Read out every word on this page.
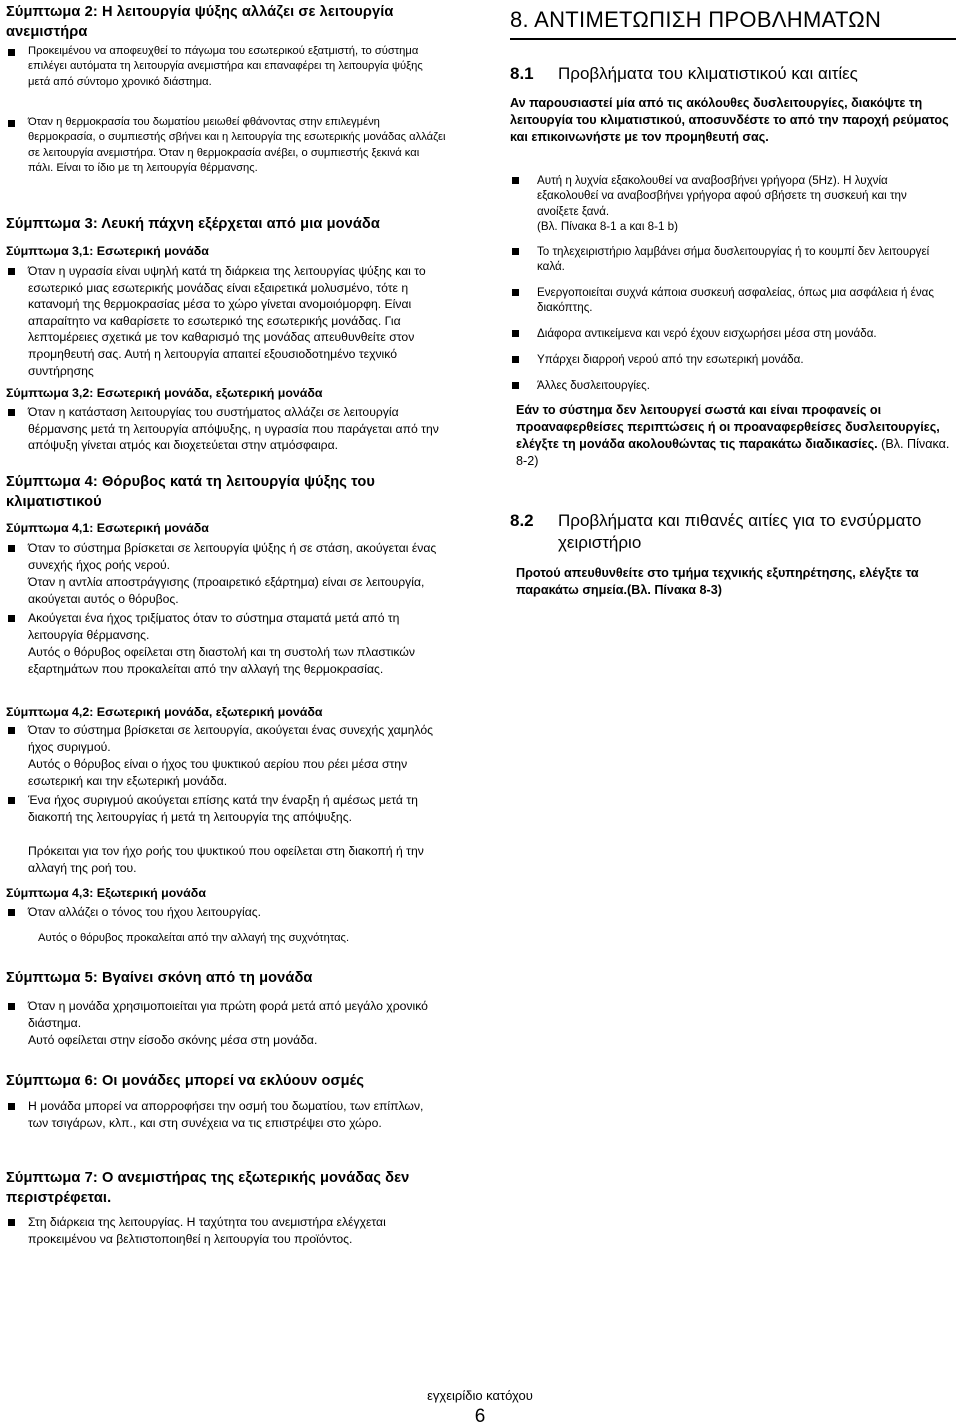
Σύμπτωμα 2: Η λειτουργία ψύξης αλλάζει σε λειτουργία ανεμιστήρα
Προκειμένου να αποφευχθεί το πάγωμα του εσωτερικού εξατμιστή, το σύστημα επιλέγει αυτόματα τη λειτουργία ανεμιστήρα και επαναφέρει τη λειτουργία ψύξης μετά από σύντομο χρονικό διάστημα.
Όταν η θερμοκρασία του δωματίου μειωθεί φθάνοντας στην επιλεγμένη θερμοκρασία, ο συμπιεστής σβήνει και η λειτουργία της εσωτερικής μονάδας αλλάζει σε λειτουργία ανεμιστήρα. Όταν η θερμοκρασία ανέβει, ο συμπιεστής ξεκινά και πάλι. Είναι το ίδιο με τη λειτουργία θέρμανσης.
Σύμπτωμα 3: Λευκή πάχνη εξέρχεται από μια μονάδα
Σύμπτωμα 3,1: Εσωτερική μονάδα
Όταν η υγρασία είναι υψηλή κατά τη διάρκεια της λειτουργίας ψύξης και το εσωτερικό μιας εσωτερικής μονάδας είναι εξαιρετικά μολυσμένο, τότε η κατανομή της θερμοκρασίας μέσα το χώρο γίνεται ανομοιόμορφη. Είναι απαραίτητο να καθαρίσετε το εσωτερικό της εσωτερικής μονάδας. Για λεπτομέρειες σχετικά με τον καθαρισμό της μονάδας απευθυνθείτε στον προμηθευτή σας. Αυτή η λειτουργία απαιτεί εξουσιοδοτημένο τεχνικό συντήρησης
Σύμπτωμα 3,2: Εσωτερική μονάδα, εξωτερική μονάδα
Όταν η κατάσταση λειτουργίας του συστήματος αλλάζει σε λειτουργία θέρμανσης μετά τη λειτουργία απόψυξης, η υγρασία που παράγεται από την απόψυξη γίνεται ατμός και διοχετεύεται στην ατμόσφαιρα.
Σύμπτωμα 4: Θόρυβος κατά τη λειτουργία ψύξης του κλιματιστικού
Σύμπτωμα 4,1: Εσωτερική μονάδα
Όταν το σύστημα βρίσκεται σε λειτουργία ψύξης ή σε στάση, ακούγεται ένας συνεχής ήχος ροής νερού.
Όταν η αντλία αποστράγγισης (προαιρετικό εξάρτημα) είναι σε λειτουργία, ακούγεται αυτός ο θόρυβος.
Ακούγεται ένα ήχος τριξίματος όταν το σύστημα σταματά μετά από τη λειτουργία θέρμανσης.
Αυτός ο θόρυβος οφείλεται στη διαστολή και τη συστολή των πλαστικών εξαρτημάτων που προκαλείται από την αλλαγή της θερμοκρασίας.
Σύμπτωμα 4,2: Εσωτερική μονάδα, εξωτερική μονάδα
Όταν το σύστημα βρίσκεται σε λειτουργία, ακούγεται ένας συνεχής χαμηλός ήχος συριγμού.
Αυτός ο θόρυβος είναι ο ήχος του ψυκτικού αερίου που ρέει μέσα στην εσωτερική και την εξωτερική μονάδα.
Ένα ήχος συριγμού ακούγεται επίσης κατά την έναρξη ή αμέσως μετά τη διακοπή της λειτουργίας ή μετά τη λειτουργία της απόψυξης.
Πρόκειται για τον ήχο ροής του ψυκτικού που οφείλεται στη διακοπή ή την αλλαγή της ροή του.
Σύμπτωμα 4,3: Εξωτερική μονάδα
Όταν αλλάζει ο τόνος του ήχου λειτουργίας.
Αυτός ο θόρυβος προκαλείται από την αλλαγή της συχνότητας.
Σύμπτωμα 5: Βγαίνει σκόνη από τη μονάδα
Όταν η μονάδα χρησιμοποιείται για πρώτη φορά μετά από μεγάλο χρονικό διάστημα.
Αυτό οφείλεται στην είσοδο σκόνης μέσα στη μονάδα.
Σύμπτωμα 6: Οι μονάδες μπορεί να εκλύουν οσμές
Η μονάδα μπορεί να απορροφήσει την οσμή του δωματίου, των επίπλων, των τσιγάρων, κλπ., και στη συνέχεια να τις επιστρέψει στο χώρο.
Σύμπτωμα 7: Ο ανεμιστήρας της εξωτερικής μονάδας δεν περιστρέφεται.
Στη διάρκεια της λειτουργίας. Η ταχύτητα του ανεμιστήρα ελέγχεται προκειμένου να βελτιστοποιηθεί η λειτουργία του προϊόντος.
8. ΑΝΤΙΜΕΤΩΠΙΣΗ ΠΡΟΒΛΗΜΑΤΩΝ
8.1 Προβλήματα του κλιματιστικού και αιτίες
Αν παρουσιαστεί μία από τις ακόλουθες δυσλειτουργίες, διακόψτε τη λειτουργία του κλιματιστικού, αποσυνδέστε το από την παροχή ρεύματος και επικοινωνήστε με τον προμηθευτή σας.
Αυτή η λυχνία εξακολουθεί να αναβοσβήνει γρήγορα (5Hz). Η λυχνία εξακολουθεί να αναβοσβήνει γρήγορα αφού σβήσετε τη συσκευή και την ανοίξετε ξανά.
(Βλ. Πίνακα 8-1 a και 8-1 b)
Το τηλεχειριστήριο λαμβάνει σήμα δυσλειτουργίας ή το κουμπί δεν λειτουργεί καλά.
Ενεργοποιείται συχνά κάποια συσκευή ασφαλείας, όπως μια ασφάλεια ή ένας διακόπτης.
Διάφορα αντικείμενα και νερό έχουν εισχωρήσει μέσα στη μονάδα.
Υπάρχει διαρροή νερού από την εσωτερική μονάδα.
Άλλες δυσλειτουργίες.
Εάν το σύστημα δεν λειτουργεί σωστά και είναι προφανείς οι προαναφερθείσες περιπτώσεις ή οι προαναφερθείσες δυσλειτουργίες, ελέγξτε τη μονάδα ακολουθώντας τις παρακάτω διαδικασίες. (Βλ. Πίνακα. 8-2)
8.2	Προβλήματα και πιθανές αιτίες για το ενσύρματο χειριστήριο
Προτού απευθυνθείτε στο τμήμα τεχνικής εξυπηρέτησης, ελέγξτε τα παρακάτω σημεία.(Βλ. Πίνακα 8-3)
εγχειρίδιο κατόχου
6
